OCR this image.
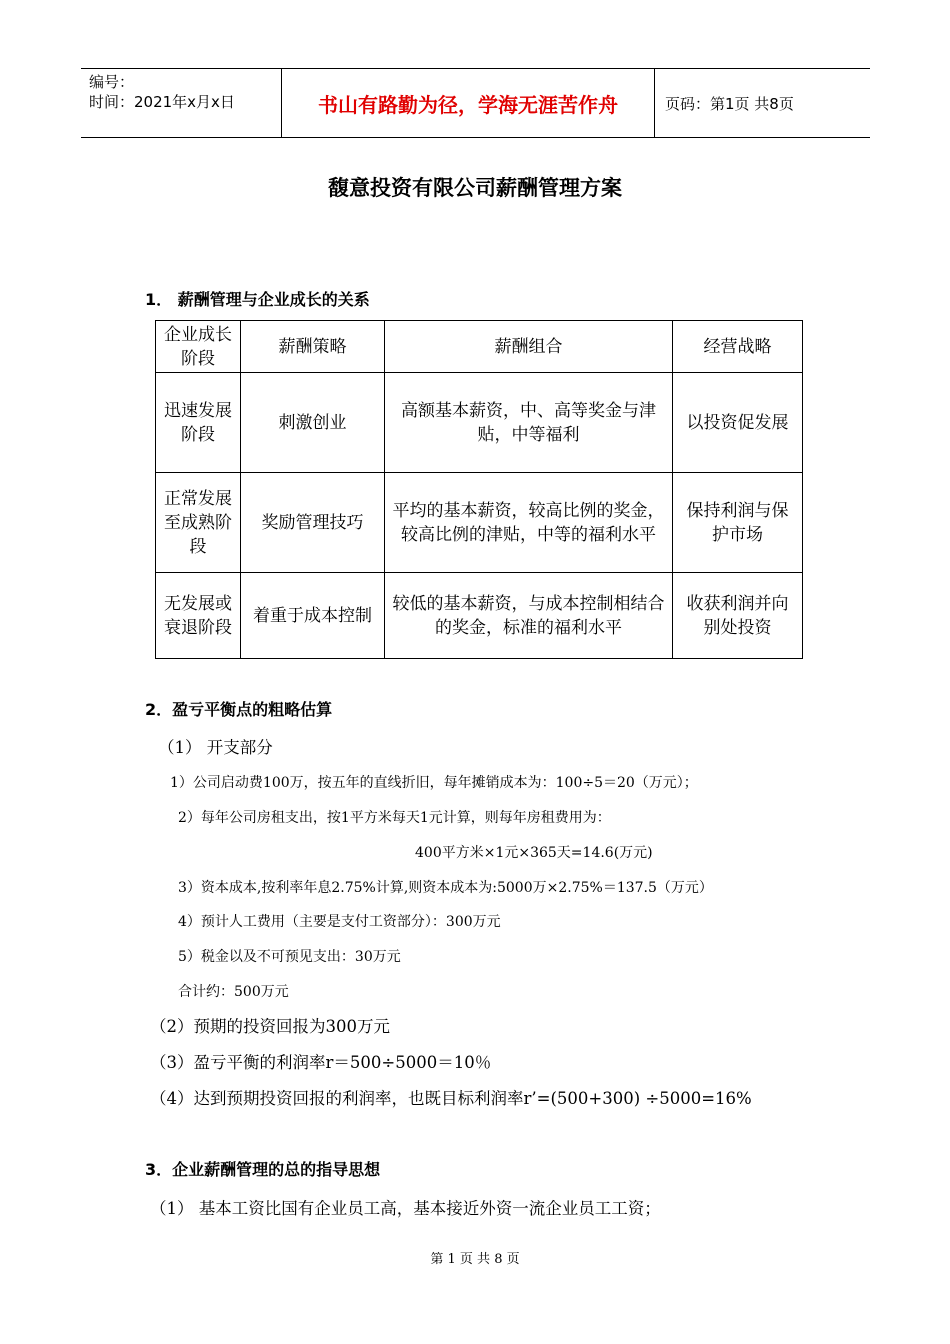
编号：
时间：2021年x月x日	书山有路勤为径，学海无涯苦作舟	页码：第1页 共8页
馥意投资有限公司薪酬管理方案
1． 薪酬管理与企业成长的关系
企业成长阶段	薪酬策略	薪酬组合	经营战略
迅速发展阶段	刺激创业	高额基本薪资，中、高等奖金与津贴，中等福利	以投资促发展
正常发展至成熟阶段	奖励管理技巧	平均的基本薪资，较高比例的奖金，较高比例的津贴，中等的福利水平	保持利润与保护市场
无发展或衰退阶段	着重于成本控制	较低的基本薪资，与成本控制相结合的奖金，标准的福利水平	收获利润并向别处投资
2．盈亏平衡点的粗略估算
（1） 开支部分
1）公司启动费100万，按五年的直线折旧，每年摊销成本为：100÷5＝20（万元）；
2）每年公司房租支出，按1平方米每天1元计算，则每年房租费用为：
400平方米×1元×365天=14.6(万元)
3）资本成本,按利率年息2.75%计算,则资本成本为:5000万×2.75%＝137.5（万元）
4）预计人工费用（主要是支付工资部分）：300万元
5）税金以及不可预见支出：30万元
合计约：500万元
（2）预期的投资回报为300万元
（3）盈亏平衡的利润率r＝500÷5000＝10％
（4）达到预期投资回报的利润率，也既目标利润率r’=(500+300) ÷5000=16%
3．企业薪酬管理的总的指导思想
（1） 基本工资比国有企业员工高，基本接近外资一流企业员工工资；
第 1 页 共 8 页
